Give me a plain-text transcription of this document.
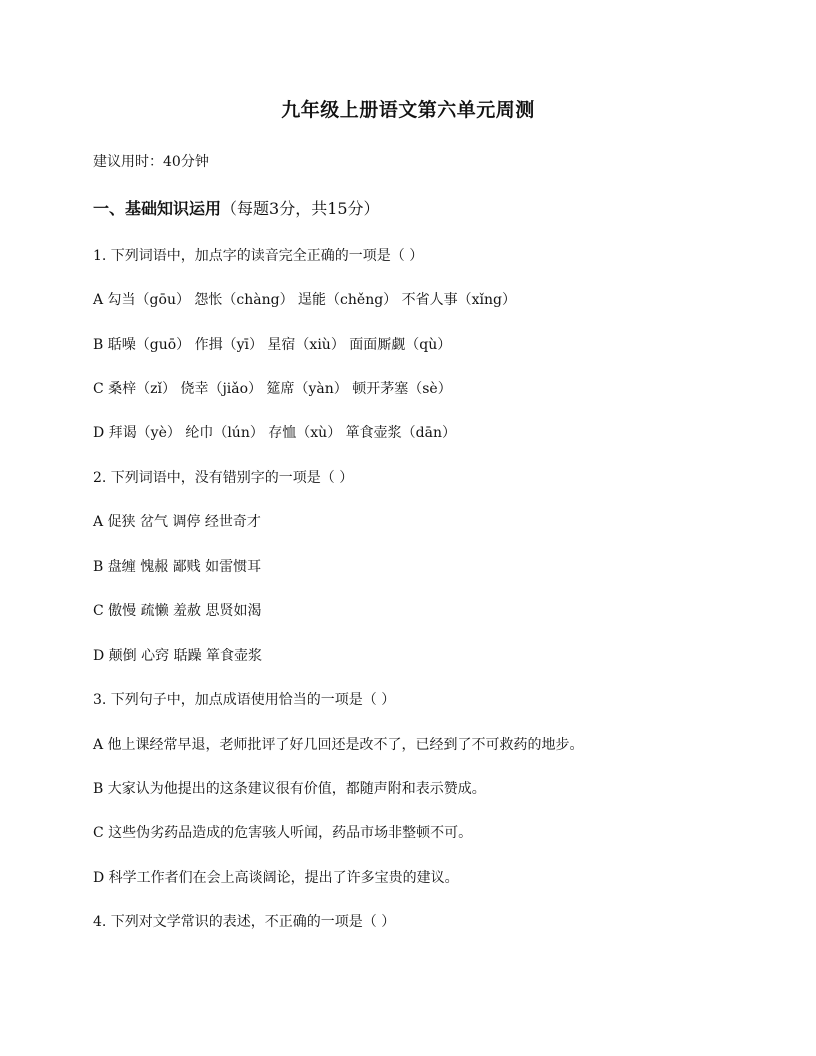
九年级上册语文第六单元周测
建议用时：40分钟
一、基础知识运用（每题3分，共15分）
1. 下列词语中，加点字的读音完全正确的一项是（ ）
A 勾当（gōu） 怨怅（chàng） 逞能（chěng） 不省人事（xǐng）
B 聒噪（guō） 作揖（yī） 星宿（xiù） 面面厮觑（qù）
C 桑梓（zǐ） 侥幸（jiǎo） 筵席（yàn） 顿开茅塞（sè）
D 拜谒（yè） 纶巾（lún） 存恤（xù） 箪食壶浆（dān）
2. 下列词语中，没有错别字的一项是（ ）
A 促狭 岔气 调停 经世奇才
B 盘缠 愧赧 鄙贱 如雷惯耳
C 傲慢 疏懒 羞赦 思贤如渴
D 颠倒 心窍 聒躁 箪食壶浆
3. 下列句子中，加点成语使用恰当的一项是（ ）
A 他上课经常早退，老师批评了好几回还是改不了，已经到了不可救药的地步。
B 大家认为他提出的这条建议很有价值，都随声附和表示赞成。
C 这些伪劣药品造成的危害骇人听闻，药品市场非整顿不可。
D 科学工作者们在会上高谈阔论，提出了许多宝贵的建议。
4. 下列对文学常识的表述，不正确的一项是（ ）
